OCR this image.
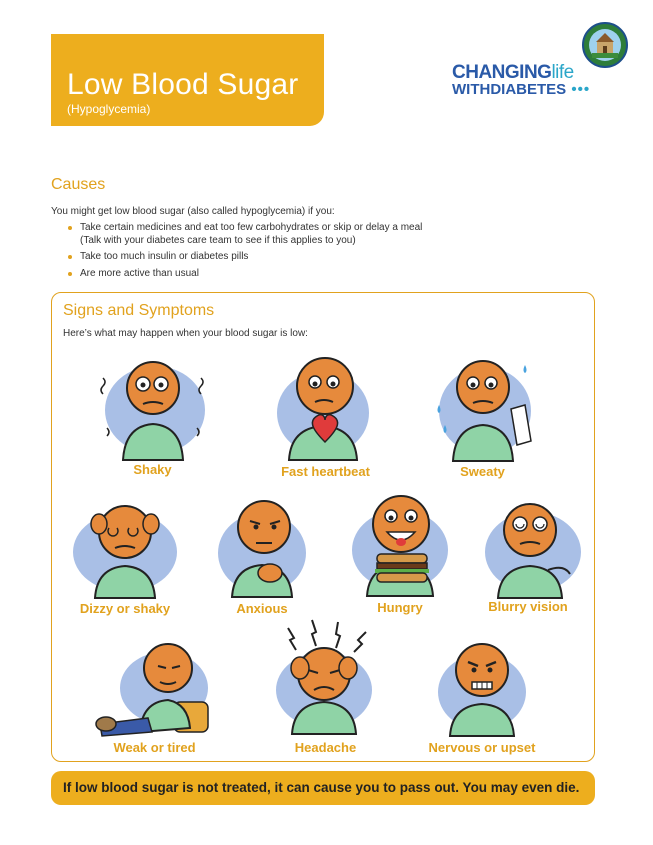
Low Blood Sugar
(Hypoglycemia)
CHANGINGlife
WITHDIABETES •••
Causes
You might get low blood sugar (also called hypoglycemia) if you:
Take certain medicines and eat too few carbohydrates or skip or delay a meal (Talk with your diabetes care team to see if this applies to you)
Take too much insulin or diabetes pills
Are more active than usual
Signs and Symptoms
Here’s what may happen when your blood sugar is low:
Shaky	Fast heartbeat	Sweaty
Dizzy or shaky	Anxious	Hungry	Blurry vision
Weak or tired	Headache	Nervous or upset
If low blood sugar is not treated, it can cause you to pass out. You may even die.
